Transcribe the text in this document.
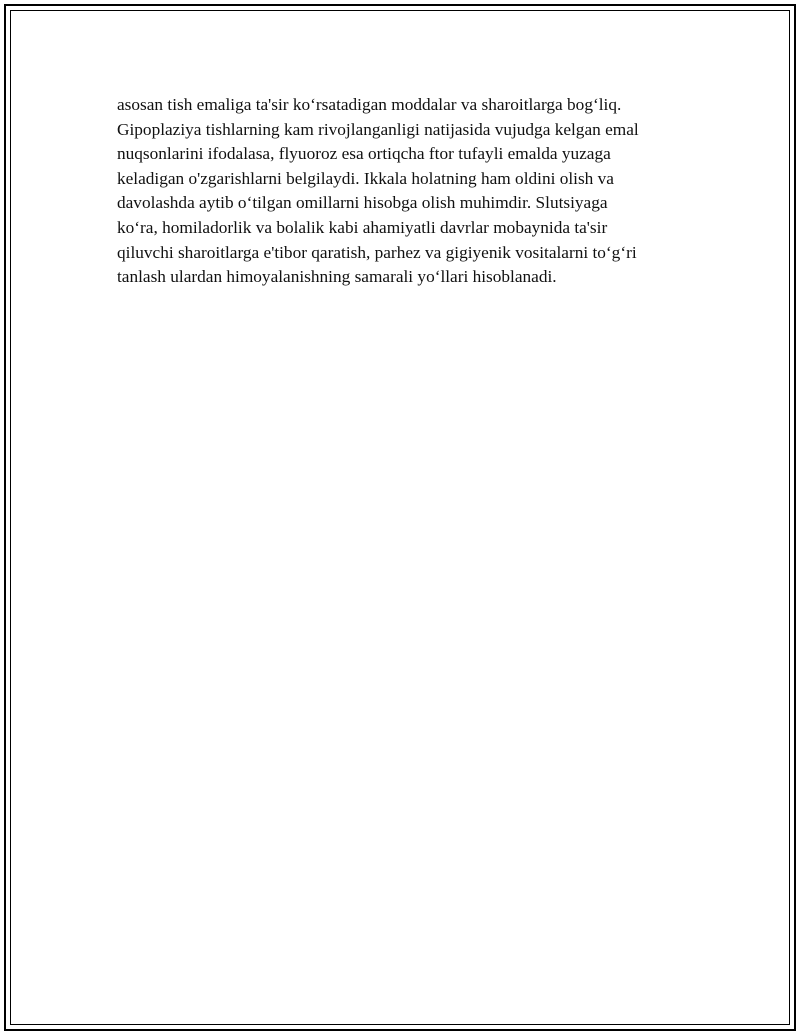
asosan tish emaliga ta'sir ko‘rsatadigan moddalar va sharoitlarga bog‘liq.
Gipoplaziya tishlarning kam rivojlanganligi natijasida vujudga kelgan emal
nuqsonlarini ifodalasa, flyuoroz esa ortiqcha ftor tufayli emalda yuzaga
keladigan o'zgarishlarni belgilaydi. Ikkala holatning ham oldini olish va
davolashda aytib o‘tilgan omillarni hisobga olish muhimdir. Slutsiyaga
ko‘ra, homiladorlik va bolalik kabi ahamiyatli davrlar mobaynida ta'sir
qiluvchi sharoitlarga e'tibor qaratish, parhez va gigiyenik vositalarni to‘g‘ri
tanlash ulardan himoyalanishning samarali yo‘llari hisoblanadi.
